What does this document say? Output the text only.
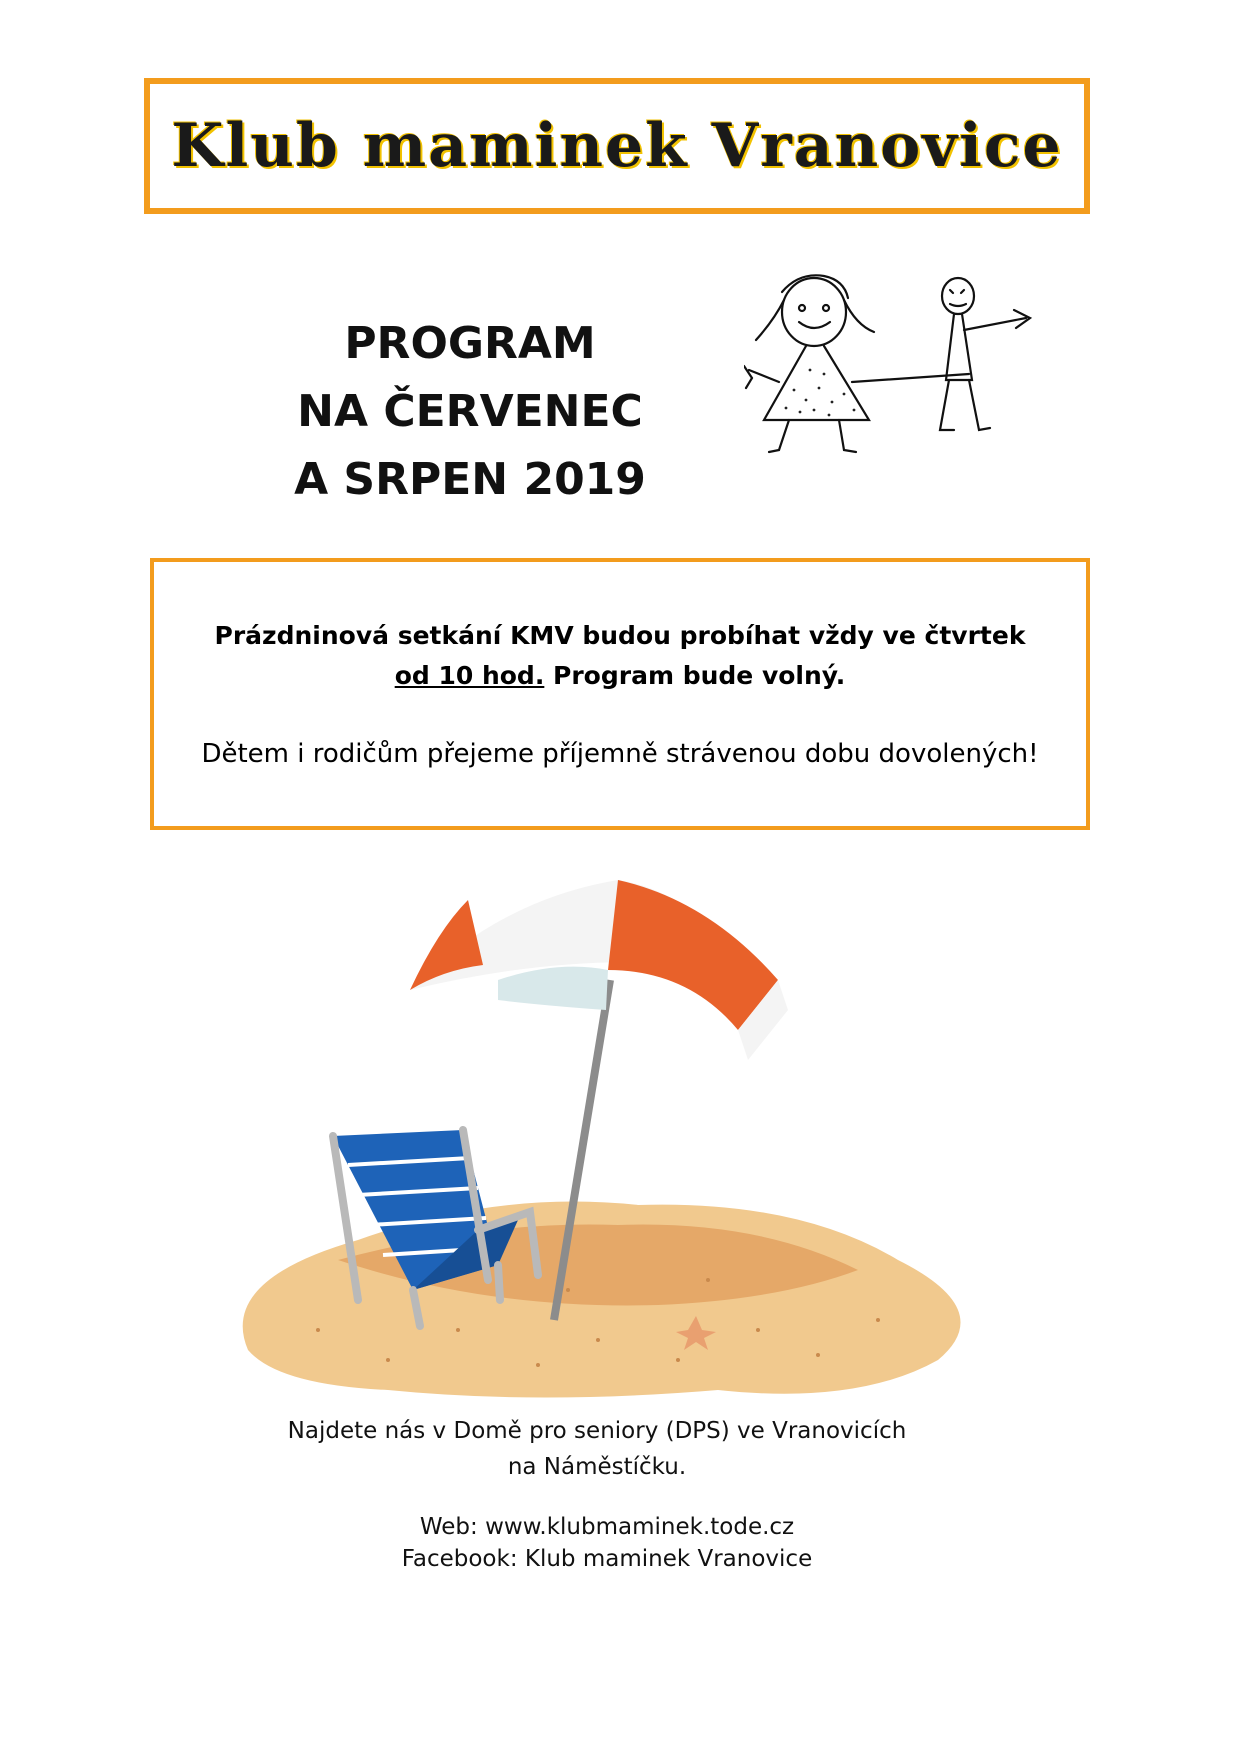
Klub maminek Vranovice
PROGRAM
NA ČERVENEC
A SRPEN 2019
Prázdninová setkání KMV budou probíhat vždy ve čtvrtek
od 10 hod. Program bude volný.
Dětem i rodičům přejeme příjemně strávenou dobu dovolených!
Najdete nás v Domě pro seniory (DPS) ve Vranovicích
na Náměstíčku.
Web: www.klubmaminek.tode.cz
Facebook: Klub maminek Vranovice
